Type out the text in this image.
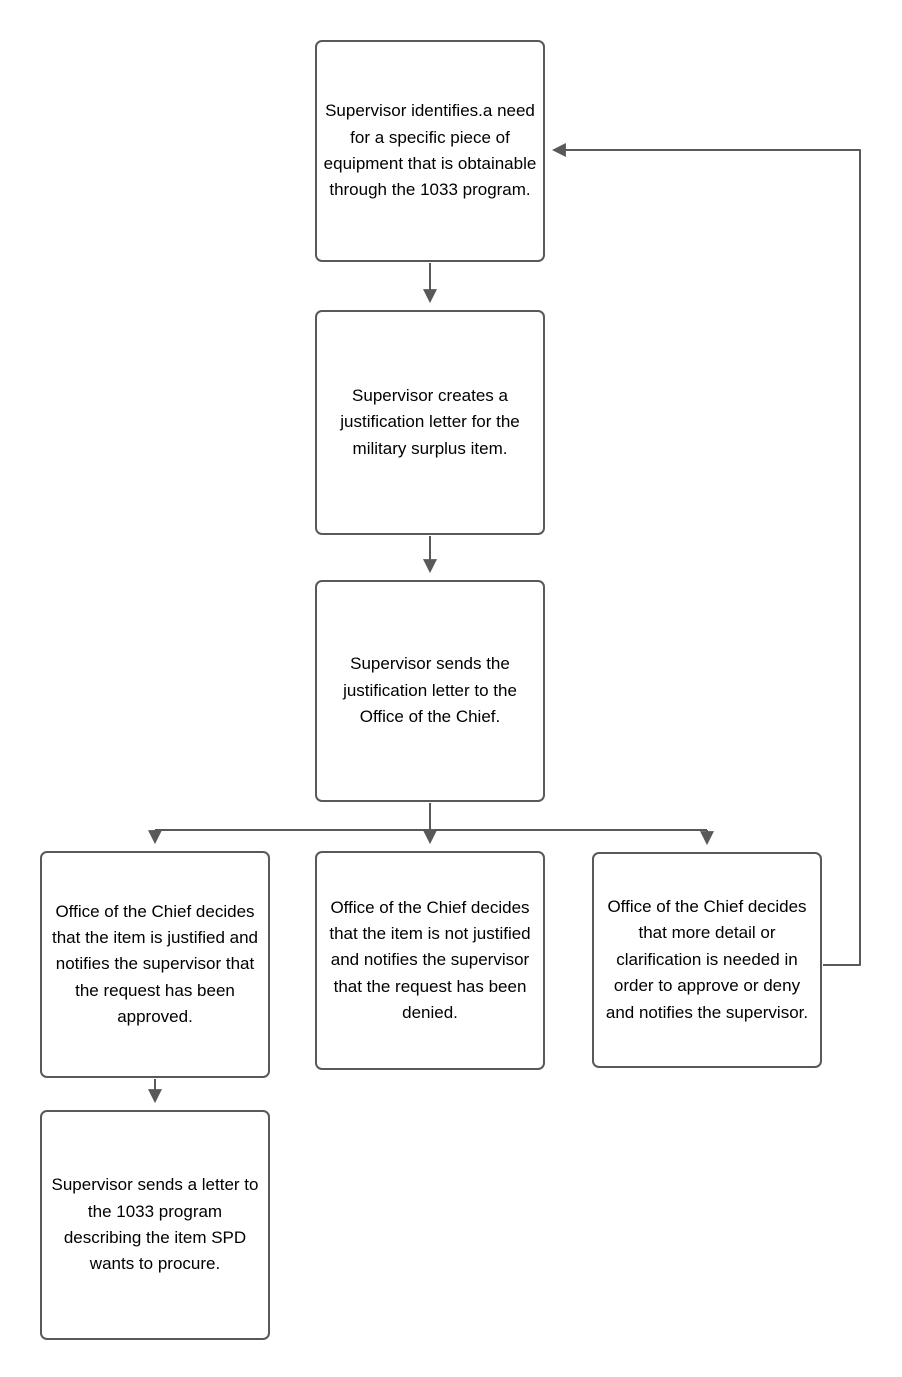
Supervisor identifies.a need for a specific piece of equipment that is obtainable through the 1033 program.
Supervisor creates a justification letter for the military surplus item.
Supervisor sends the justification letter to the Office of the Chief.
Office of the Chief decides that the item is justified and notifies the supervisor that the request has been approved.
Office of the Chief decides that the item is not justified and notifies the supervisor that the request has been denied.
Office of the Chief decides that more detail or clarification is needed in order to approve or deny and notifies the supervisor.
Supervisor sends a letter to the 1033 program describing the item SPD wants to procure.
